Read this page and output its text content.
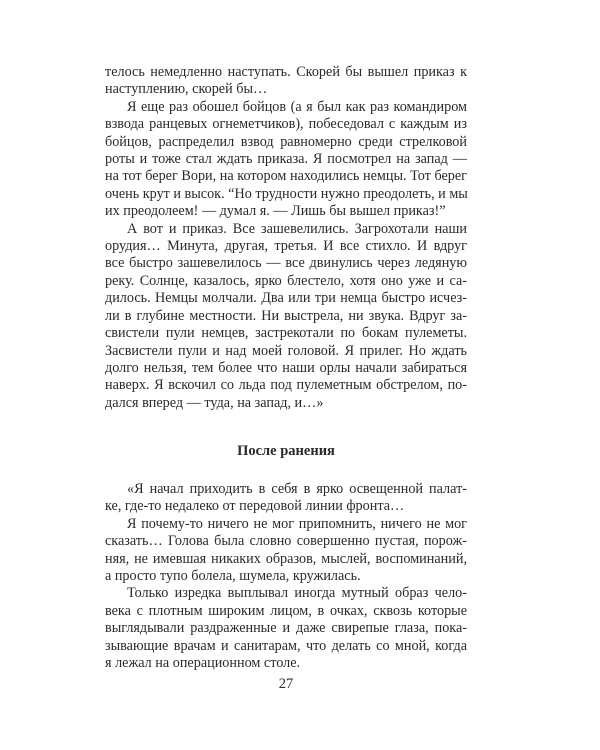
телось немедленно наступать. Скорей бы вышел приказ к
наступлению, скорей бы…
Я еще раз обошел бойцов (а я был как раз командиром
взвода ранцевых огнеметчиков), побеседовал с каждым из
бойцов, распределил взвод равномерно среди стрелковой
роты и тоже стал ждать приказа. Я посмотрел на запад —
на тот берег Вори, на котором находились немцы. Тот берег
очень крут и высок. “Но трудности нужно преодолеть, и мы
их преодолеем! — думал я. — Лишь бы вышел приказ!”
А вот и приказ. Все зашевелились. Загрохотали наши
орудия… Минута, другая, третья. И все стихло. И вдруг
все быстро зашевелилось — все двинулись через ледяную
реку. Солнце, казалось, ярко блестело, хотя оно уже и са-
дилось. Немцы молчали. Два или три немца быстро исчез-
ли в глубине местности. Ни выстрела, ни звука. Вдруг за-
свистели пули немцев, застрекотали по бокам пулеметы.
Засвистели пули и над моей головой. Я прилег. Но ждать
долго нельзя, тем более что наши орлы начали забираться
наверх. Я вскочил со льда под пулеметным обстрелом, по-
дался вперед — туда, на запад, и…»
После ранения
«Я начал приходить в себя в ярко освещенной палат-
ке, где-то недалеко от передовой линии фронта…
Я почему-то ничего не мог припомнить, ничего не мог
сказать… Голова была словно совершенно пустая, порож-
няя, не имевшая никаких образов, мыслей, воспоминаний,
а просто тупо болела, шумела, кружилась.
Только изредка выплывал иногда мутный образ чело-
века с плотным широким лицом, в очках, сквозь которые
выглядывали раздраженные и даже свирепые глаза, пока-
зывающие врачам и санитарам, что делать со мной, когда
я лежал на операционном столе.
27
